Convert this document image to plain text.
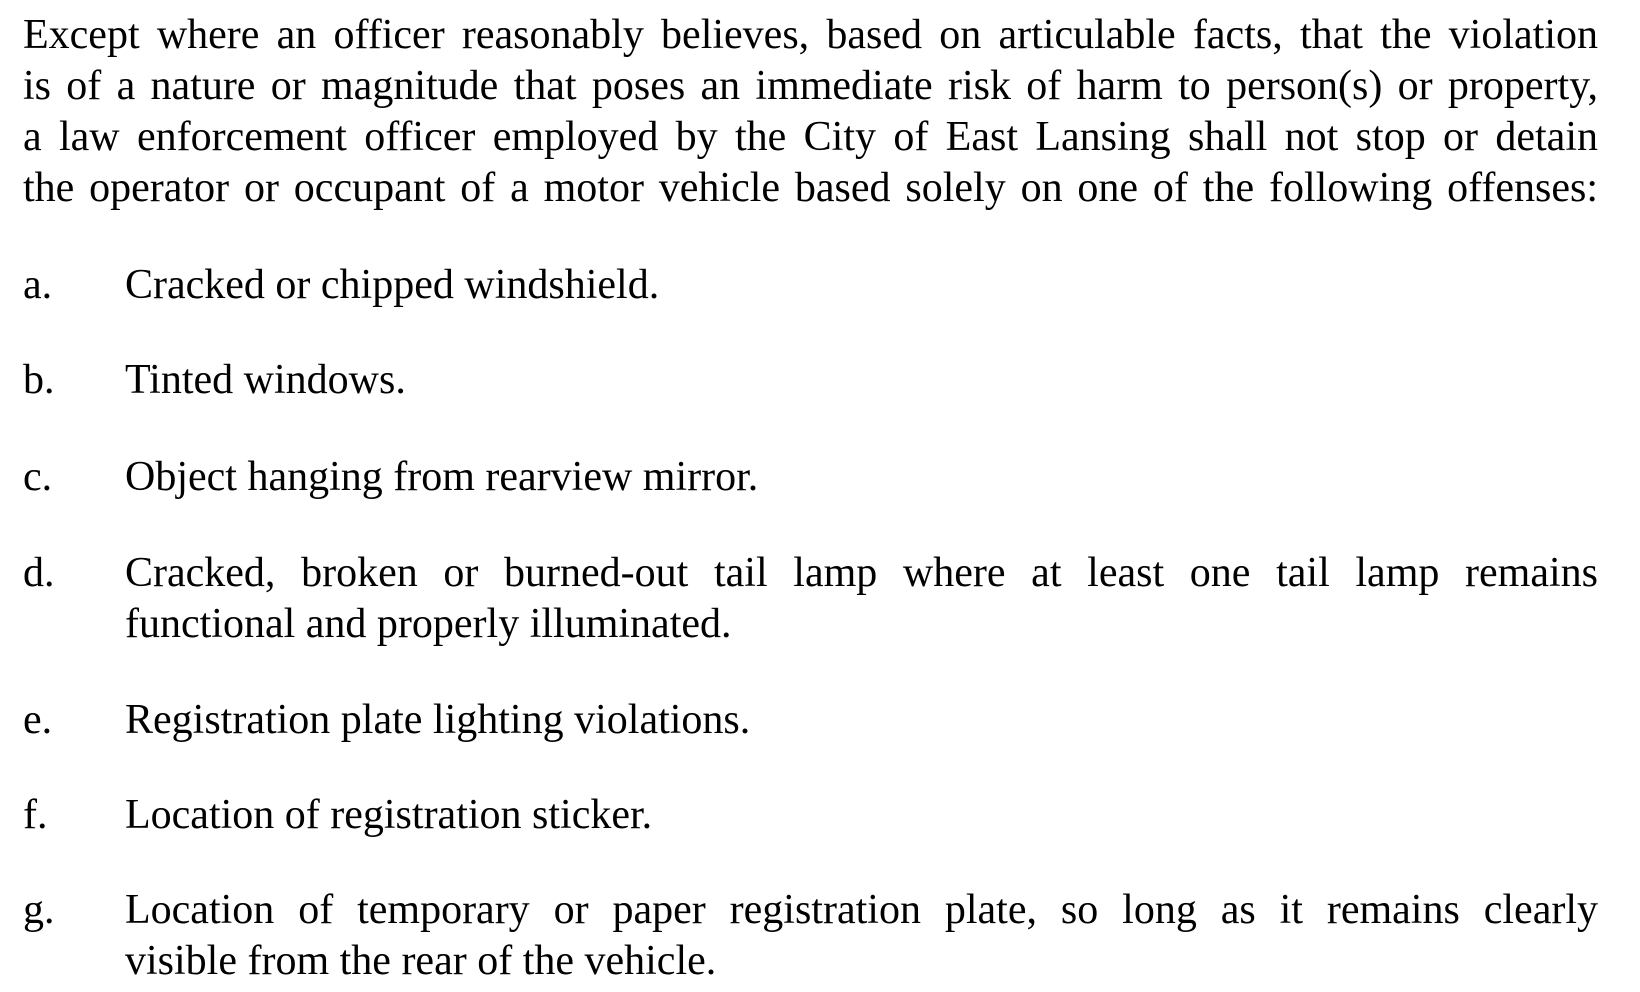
Except where an officer reasonably believes, based on articulable facts, that the violation
is of a nature or magnitude that poses an immediate risk of harm to person(s) or property,
a law enforcement officer employed by the City of East Lansing shall not stop or detain
the operator or occupant of a motor vehicle based solely on one of the following offenses:
a. Cracked or chipped windshield.
b. Tinted windows.
c. Object hanging from rearview mirror.
d. Cracked, broken or burned-out tail lamp where at least one tail lamp remains
functional and properly illuminated.
e. Registration plate lighting violations.
f. Location of registration sticker.
g. Location of temporary or paper registration plate, so long as it remains clearly
visible from the rear of the vehicle.
